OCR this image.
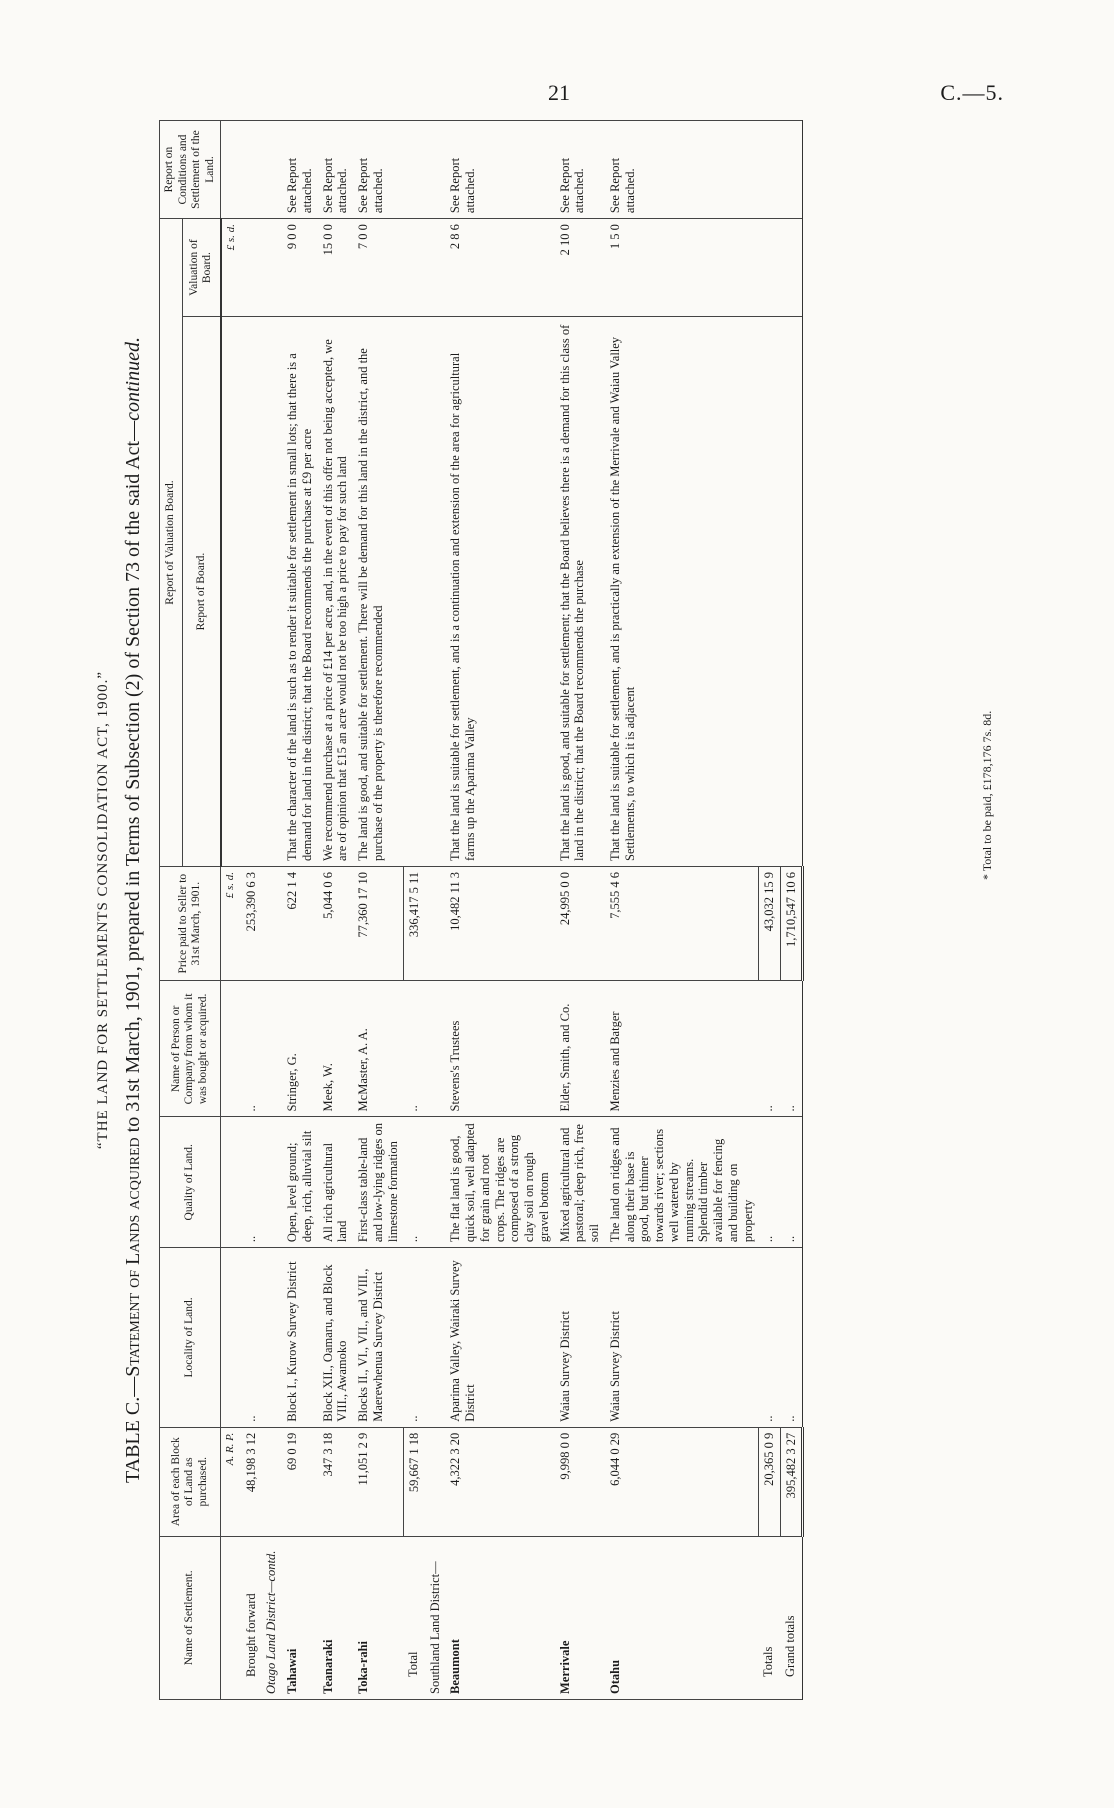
21	C.—5.
“THE LAND FOR SETTLEMENTS CONSOLIDATION ACT, 1900.”
TABLE C.—Statement of Lands acquired to 31st March, 1901, prepared in Terms of Subsection (2) of Section 73 of the said Act—continued.
Name of Settlement.	Area of each Block of Land as purchased.	Locality of Land.	Quality of Land.	Name of Person or Company from whom it was bought or acquired.	Price paid to Seller to 31st March, 1901.	Report of Valuation Board.		Report on Conditions and Settlement of the Land.
						Report of Board.	Valuation of Board.	
	A. R. P.				£ s. d.		£ s. d.	
Brought forward	48,198 3 12	..	..	..	253,390 6 3			
Otago Land District—contd.								
Tahawai	69 0 19	Block I., Kurow Survey District	Open, level ground; deep, rich, alluvial silt	Stringer, G.	622 1 4	That the character of the land is such as to render it suitable for settlement in small lots; that there is a demand for land in the district; that the Board recommends the purchase at £9 per acre	9 0 0	See Report attached.
Teanaraki	347 3 18	Block XII., Oamaru, and Block VIII., Awamoko	All rich agricultural land	Meek, W.	5,044 0 6	We recommend purchase at a price of £14 per acre, and, in the event of this offer not being accepted, we are of opinion that £15 an acre would not be too high a price to pay for such land	15 0 0	See Report attached.
Toka-rahi	11,051 2 9	Blocks II., VI., VII., and VIII., Maerewhenua Survey District	First-class table-land and low-lying ridges on limestone formation	McMaster, A. A.	77,360 17 10	The land is good, and suitable for settlement. There will be demand for this land in the district, and the purchase of the property is therefore recommended	7 0 0	See Report attached.
Total	59,667 1 18	..	..	..	336,417 5 11			
Southland Land District—								
Beaumont	4,322 3 20	Aparima Valley, Wairaki Survey District	The flat land is good, quick soil, well adapted for grain and root crops. The ridges are composed of a strong clay soil on rough gravel bottom	Stevens's Trustees	10,482 11 3	That the land is suitable for settlement, and is a continuation and extension of the area for agricultural farms up the Aparima Valley	2 8 6	See Report attached.
Merrivale	9,998 0 0	Waiau Survey District	Mixed agricultural and pastoral; deep rich, free soil	Elder, Smith, and Co.	24,995 0 0	That the land is good, and suitable for settlement; that the Board believes there is a demand for this class of land in the district; that the Board recommends the purchase	2 10 0	See Report attached.
Otahu	6,044 0 29	Waiau Survey District	The land on ridges and along their base is good, but thinner towards river; sections well watered by running streams. Splendid timber available for fencing and building on property	Menzies and Batger	7,555 4 6	That the land is suitable for settlement, and is practically an extension of the Merrivale and Waiau Valley Settlements, to which it is adjacent	1 5 0	See Report attached.
Totals	20,365 0 9	..	..	..	43,032 15 9			
Grand totals	395,482 3 27	..	..	..	1,710,547 10 6			
* Total to be paid, £178,176 7s. 8d.
